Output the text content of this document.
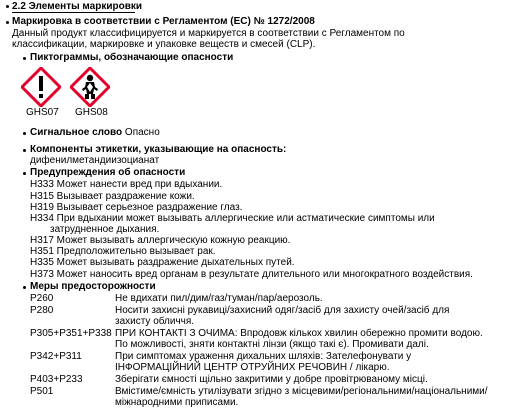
2.2 Элементы маркировки
Маркировка в соответствии с Регламентом (ЕС) № 1272/2008
Данный продукт классифицируется и маркируется в соответствии с Регламентом по
классификации, маркировке и упаковке веществ и смесей (CLP).
Пиктограммы, обозначающие опасности
GHS07 GHS08
Сигнальное слово Опасно
Компоненты этикетки, указывающие на опасность:
дифенилметандиизоцианат
Предупреждения об опасности
H333 Может нанести вред при вдыхании.
H315 Вызывает раздражение кожи.
H319 Вызывает серьезное раздражение глаз.
H334 При вдыхании может вызывать аллергические или астматические симптомы или
затрудненное дыхания.
H317 Может вызывать аллергическую кожную реакцию.
H351 Предположительно вызывает рак.
H335 Может вызывать раздражение дыхательных путей.
H373 Может наносить вред органам в результате длительного или многократного воздействия.
Меры предосторожности
P260	Не вдихати пил/дим/газ/туман/пар/аерозоль.
P280	Носити захисні рукавиці/захисний одяг/засіб для захисту очей/засіб для
захисту обличчя.
P305+P351+P338 ПРИ КОНТАКТІ З ОЧИМА: Впродовж кількох хвилин обережно промити водою.
По можливості, зняти контактні лінзи (якщо такі є). Промивати далі.
P342+P311	При симптомах ураження дихальних шляхів: Зателефонувати у
ІНФОРМАЦІЙНИЙ ЦЕНТР ОТРУЙНИХ РЕЧОВИН / лікарю.
P403+P233	Зберігати ємності щільно закритими у добре провітрюваному місці.
P501	Вмістиме/ємність утилізувати згідно з місцевими/регіональними/національними/
міжнародними приписами.
